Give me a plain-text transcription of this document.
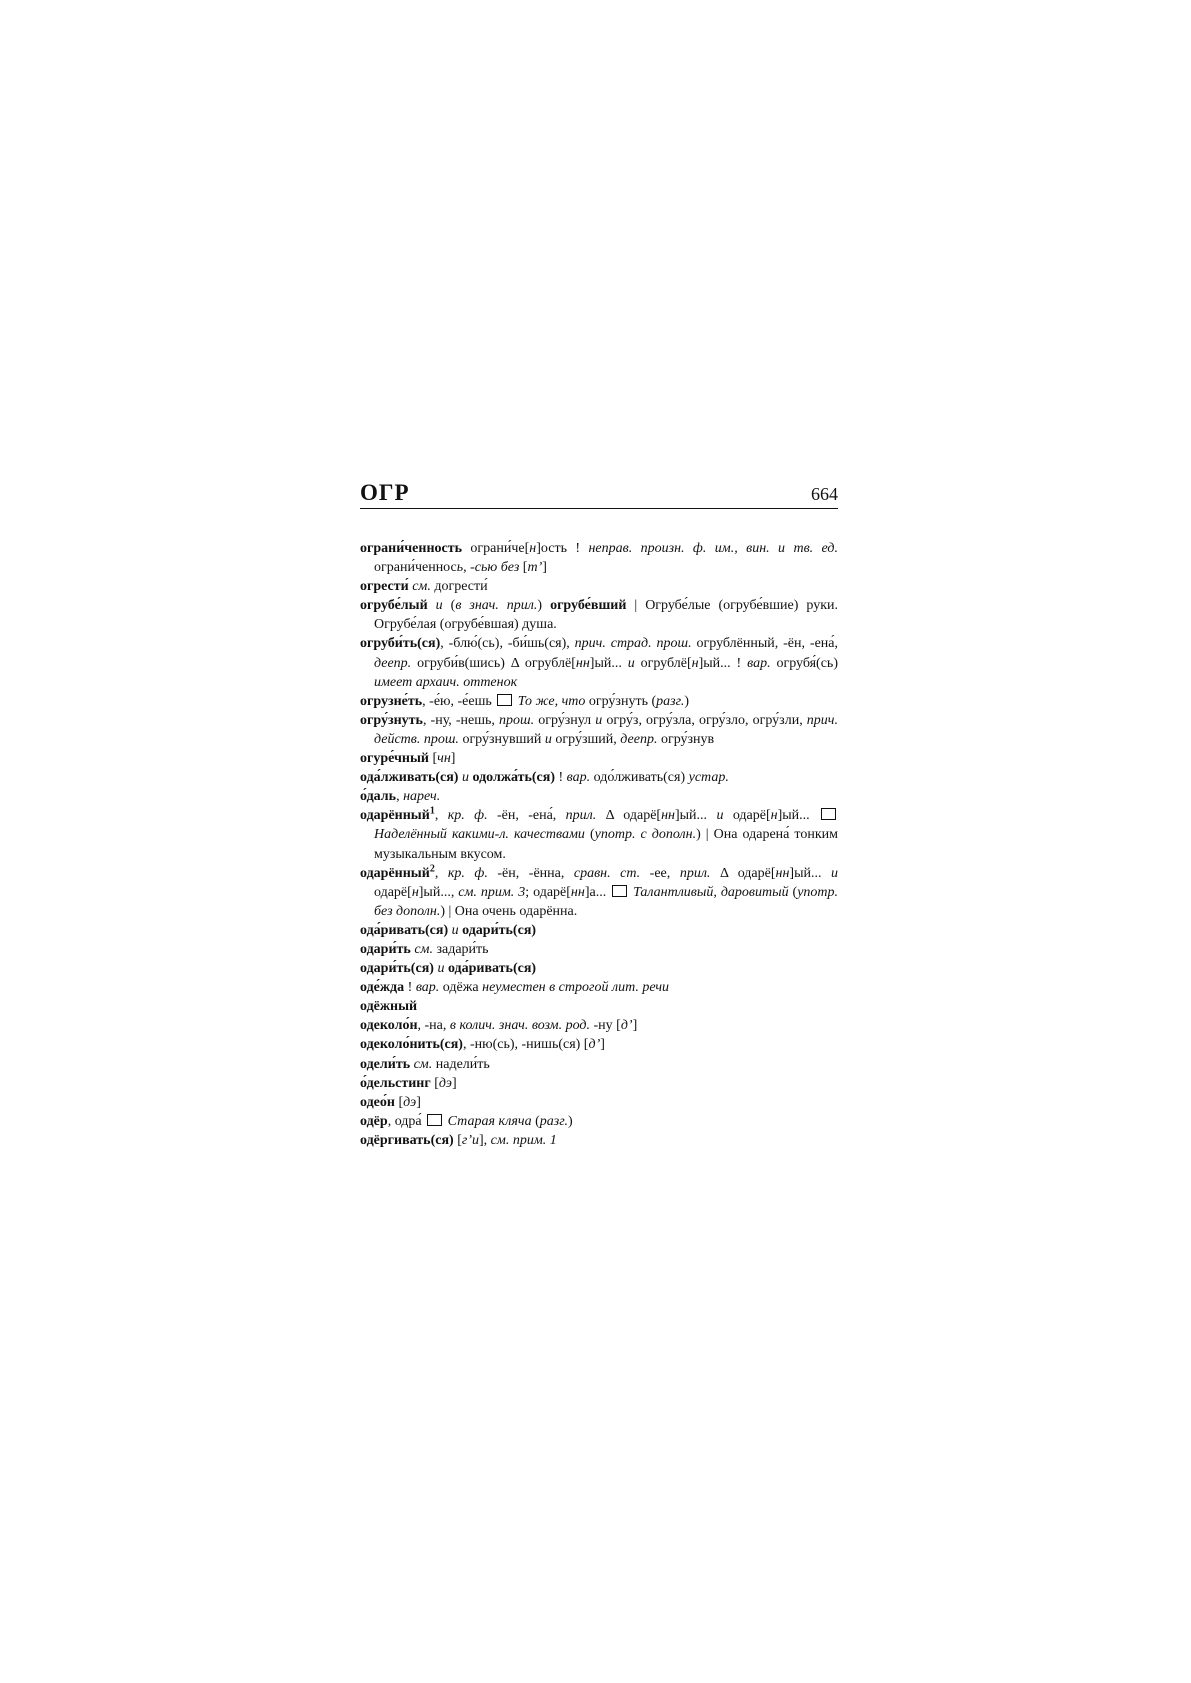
ОГР	664
ограни́ченность ограни́че[н]ость ! неправ. произн. ф. им., вин. и тв. ед. ограни́ченнось, -сью без [т’]
огрести́ см. догрести́
огрубе́лый и (в знач. прил.) огрубе́вший | Огрубе́лые (огрубе́вшие) руки. Огрубе́лая (огрубе́вшая) душа.
огруби́ть(ся), -блю́(сь), -би́шь(ся), прич. страд. прош. огрублённый, -ён, -ена́, деепр. огруби́в(шись) Δ огрублё[нн]ый... и огрублё[н]ый... ! вар. огрубя́(сь) имеет архаич. оттенок
огрузне́ть, -е́ю, -е́ешь  То же, что огру́знуть (разг.)
огру́знуть, -ну, -нешь, прош. огру́знул и огру́з, огру́зла, огру́зло, огру́зли, прич. действ. прош. огру́знувший и огру́зший, деепр. огру́знув
огуре́чный [чн]
ода́лживать(ся) и одолжа́ть(ся) ! вар. одо́лживать(ся) устар.
о́даль, нареч.
одарённый$^1$, кр. ф. -ён, -ена́, прил. Δ одарё[нн]ый... и одарё[н]ый...  Наделённый какими-л. качествами (употр. с дополн.) | Она одарена́ тонким музыкальным вкусом.
одарённый$^2$, кр. ф. -ён, -ённа, сравн. ст. -ее, прил. Δ одарё[нн]ый... и одарё[н]ый..., см. прим. 3; одарё[нн]а...  Талантливый, даровитый (употр. без дополн.) | Она очень одарённа.
ода́ривать(ся) и одари́ть(ся)
одари́ть см. задари́ть
одари́ть(ся) и ода́ривать(ся)
оде́жда ! вар. одёжа неуместен в строгой лит. речи
одёжный
одеколо́н, -на, в колич. знач. возм. род. -ну [д’]
одеколо́нить(ся), -ню(сь), -нишь(ся) [д’]
одели́ть см. надели́ть
о́дельстинг [дэ]
одео́н [дэ]
одёр, одра́  Старая кляча (разг.)
одёргивать(ся) [г’и], см. прим. 1
